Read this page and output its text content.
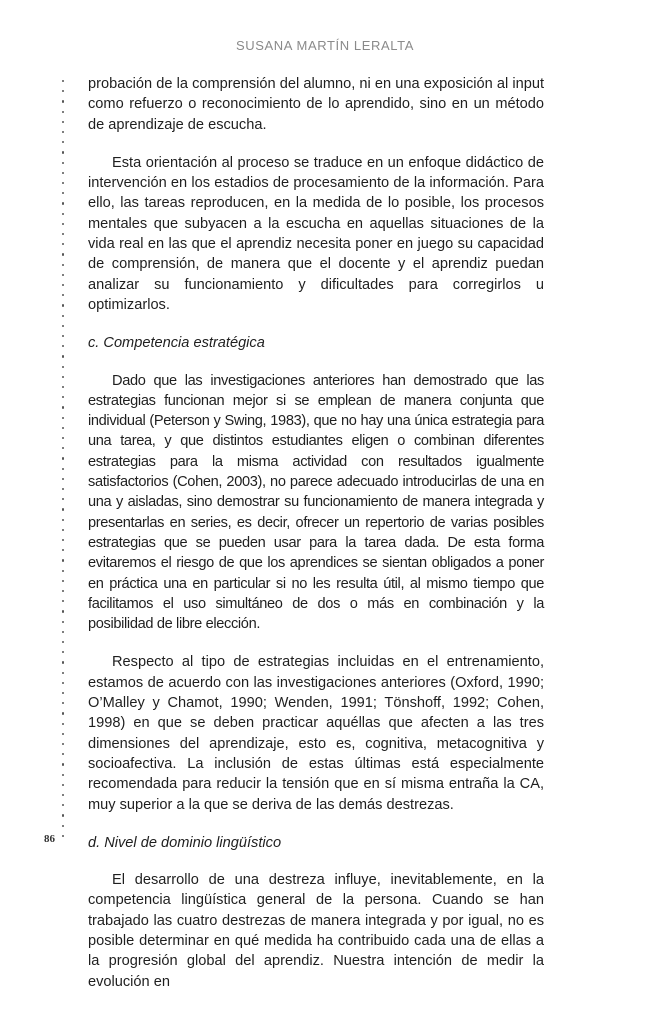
SUSANA MARTÍN LERALTA
86

probación de la comprensión del alumno, ni en una exposición al input como refuerzo o reconocimiento de lo aprendido, sino en un método de aprendizaje de escucha.

Esta orientación al proceso se traduce en un enfoque didáctico de intervención en los estadios de procesamiento de la información. Para ello, las tareas reproducen, en la medida de lo posible, los procesos mentales que subyacen a la escucha en aquellas situaciones de la vida real en las que el aprendiz necesita poner en juego su capacidad de comprensión, de manera que el docente y el aprendiz puedan analizar su funcionamiento y dificultades para corregirlos u optimizarlos.

c. Competencia estratégica

Dado que las investigaciones anteriores han demostrado que las estrategias funcionan mejor si se emplean de manera conjunta que individual (Peterson y Swing, 1983), que no hay una única estrategia para una tarea, y que distintos estudiantes eligen o combinan diferentes estrategias para la misma actividad con resultados igualmente satisfactorios (Cohen, 2003), no parece adecuado introducirlas de una en una y aisladas, sino demostrar su funcionamiento de manera integrada y presentarlas en series, es decir, ofrecer un repertorio de varias posibles estrategias que se pueden usar para la tarea dada. De esta forma evitaremos el riesgo de que los aprendices se sientan obligados a poner en práctica una en particular si no les resulta útil, al mismo tiempo que facilitamos el uso simultáneo de dos o más en combinación y la posibilidad de libre elección.

Respecto al tipo de estrategias incluidas en el entrenamiento, estamos de acuerdo con las investigaciones anteriores (Oxford, 1990; O’Malley y Chamot, 1990; Wenden, 1991; Tönshoff, 1992; Cohen, 1998) en que se deben practicar aquéllas que afecten a las tres dimensiones del aprendizaje, esto es, cognitiva, metacognitiva y socioafectiva. La inclusión de estas últimas está especialmente recomendada para reducir la tensión que en sí misma entraña la CA, muy superior a la que se deriva de las demás destrezas.

d. Nivel de dominio lingüístico

El desarrollo de una destreza influye, inevitablemente, en la competencia lingüística general de la persona. Cuando se han trabajado las cuatro destrezas de manera integrada y por igual, no es posible determinar en qué medida ha contribuido cada una de ellas a la progresión global del aprendiz. Nuestra intención de medir la evolución en
